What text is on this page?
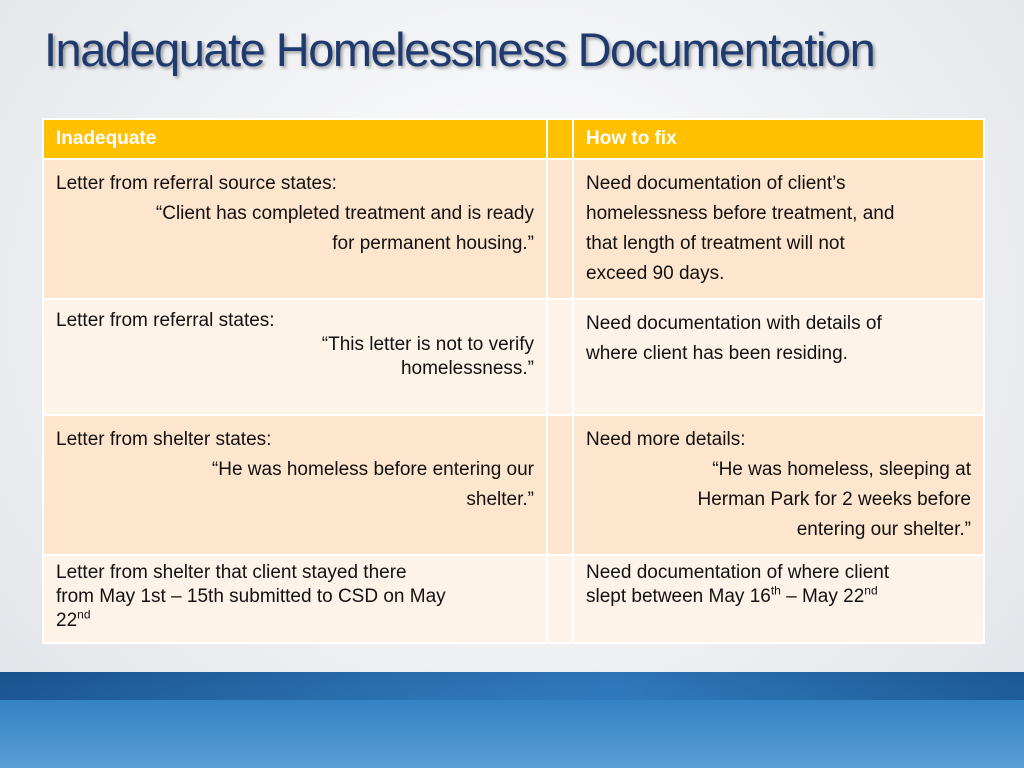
Inadequate Homelessness Documentation
Inadequate		How to fix

Letter from referral source states:
“Client has completed treatment and is ready
for permanent housing.”		Need documentation of client’s
homelessness before treatment, and
that length of treatment will not
exceed 90 days.

Letter from referral states:
“This letter is not to verify
homelessness.”		Need documentation with details of
where client has been residing.

Letter from shelter states:
“He was homeless before entering our
shelter.”		Need more details:
“He was homeless, sleeping at
Herman Park for 2 weeks before
entering our shelter.”

Letter from shelter that client stayed there
from May 1st – 15th submitted to CSD on May
22nd		Need documentation of where client
slept between May 16th – May 22nd
